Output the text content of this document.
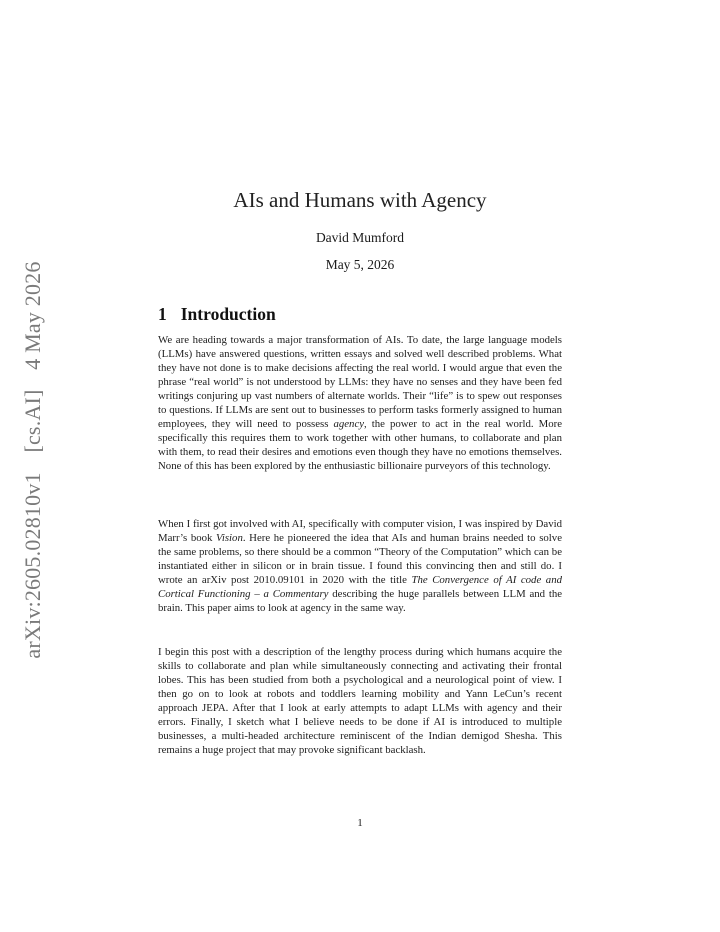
arXiv:2605.02810v1 [cs.AI] 4 May 2026
AIs and Humans with Agency
David Mumford
May 5, 2026
1 Introduction

We are heading towards a major transformation of AIs. To date, the large language models (LLMs) have answered questions, written essays and solved well described problems. What they have not done is to make decisions affecting the real world. I would argue that even the phrase “real world” is not understood by LLMs: they have no senses and they have been fed writings conjuring up vast numbers of alternate worlds. Their “life” is to spew out responses to questions. If LLMs are sent out to businesses to perform tasks formerly assigned to human employees, they will need to possess agency, the power to act in the real world. More specifically this requires them to work together with other humans, to collaborate and plan with them, to read their desires and emotions even though they have no emotions themselves. None of this has been explored by the enthusiastic billionaire purveyors of this technology.

When I first got involved with AI, specifically with computer vision, I was inspired by David Marr’s book Vision. Here he pioneered the idea that AIs and human brains needed to solve the same problems, so there should be a common “Theory of the Computation” which can be instantiated either in silicon or in brain tissue. I found this convincing then and still do. I wrote an arXiv post 2010.09101 in 2020 with the title The Convergence of AI code and Cortical Functioning – a Commentary describing the huge parallels between LLM and the brain. This paper aims to look at agency in the same way.

I begin this post with a description of the lengthy process during which humans acquire the skills to collaborate and plan while simultaneously connecting and activating their frontal lobes. This has been studied from both a psychological and a neurological point of view. I then go on to look at robots and toddlers learning mobility and Yann LeCun’s recent approach JEPA. After that I look at early attempts to adapt LLMs with agency and their errors. Finally, I sketch what I believe needs to be done if AI is introduced to multiple businesses, a multi-headed architecture reminiscent of the Indian demigod Shesha. This remains a huge project that may provoke significant backlash.

1
